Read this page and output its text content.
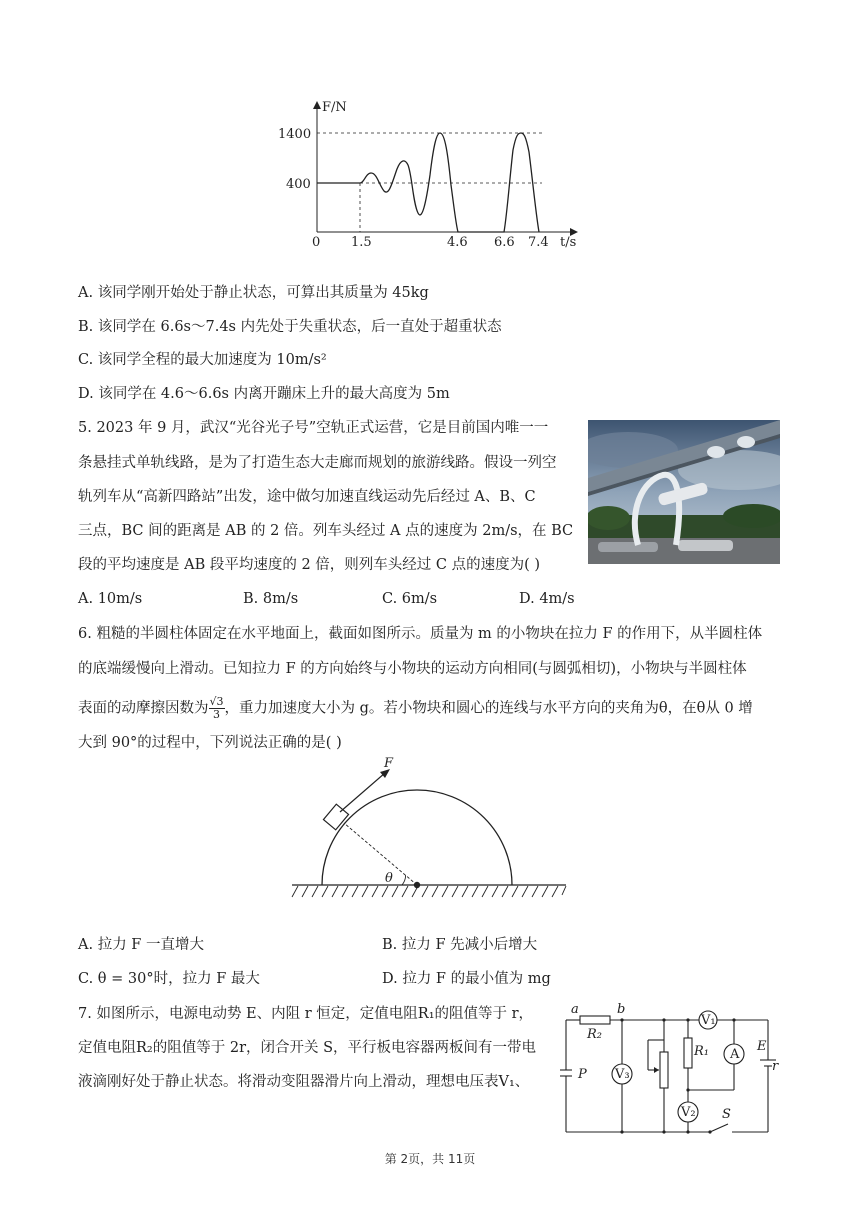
F/N
t/s
1400
400
0 1.5	4.6 6.6 7.4
A. 该同学刚开始处于静止状态，可算出其质量为 45kg
B. 该同学在 6.6s～7.4s 内先处于失重状态，后一直处于超重状态
C. 该同学全程的最大加速度为 10m/s²
D. 该同学在 4.6～6.6s 内离开蹦床上升的最大高度为 5m
5. 2023 年 9 月，武汉“光谷光子号”空轨正式运营，它是目前国内唯一一
条悬挂式单轨线路，是为了打造生态大走廊而规划的旅游线路。假设一列空
轨列车从“高新四路站”出发，途中做匀加速直线运动先后经过 A、B、C
三点，BC 间的距离是 AB 的 2 倍。列车头经过 A 点的速度为 2m/s，在 BC
段的平均速度是 AB 段平均速度的 2 倍，则列车头经过 C 点的速度为( )
A. 10m/s	B. 8m/s	C. 6m/s	D. 4m/s
6. 粗糙的半圆柱体固定在水平地面上，截面如图所示。质量为 m 的小物块在拉力 F 的作用下，从半圆柱体
的底端缓慢向上滑动。已知拉力 F 的方向始终与小物块的运动方向相同(与圆弧相切)，小物块与半圆柱体
表面的动摩擦因数为 $\frac{√3}{3}$ ，重力加速度大小为 g。若小物块和圆心的连线与水平方向的夹角为θ，在θ从 0 增
大到 90°的过程中，下列说法正确的是( )
F
θ
A. 拉力 F 一直增大	B. 拉力 F 先减小后增大
C. θ = 30°时，拉力 F 最大	D. 拉力 F 的最小值为 mg
7. 如图所示，电源电动势 E、内阻 r 恒定，定值电阻R₁的阻值等于 r，
定值电阻R₂的阻值等于 2r，闭合开关 S，平行板电容器两板间有一带电
液滴刚好处于静止状态。将滑动变阻器滑片向上滑动，理想电压表V₁、
a	b
R₂
R₁
P
E
r
S
V₃
V₂
V₁
A
第 2页，共 11页
